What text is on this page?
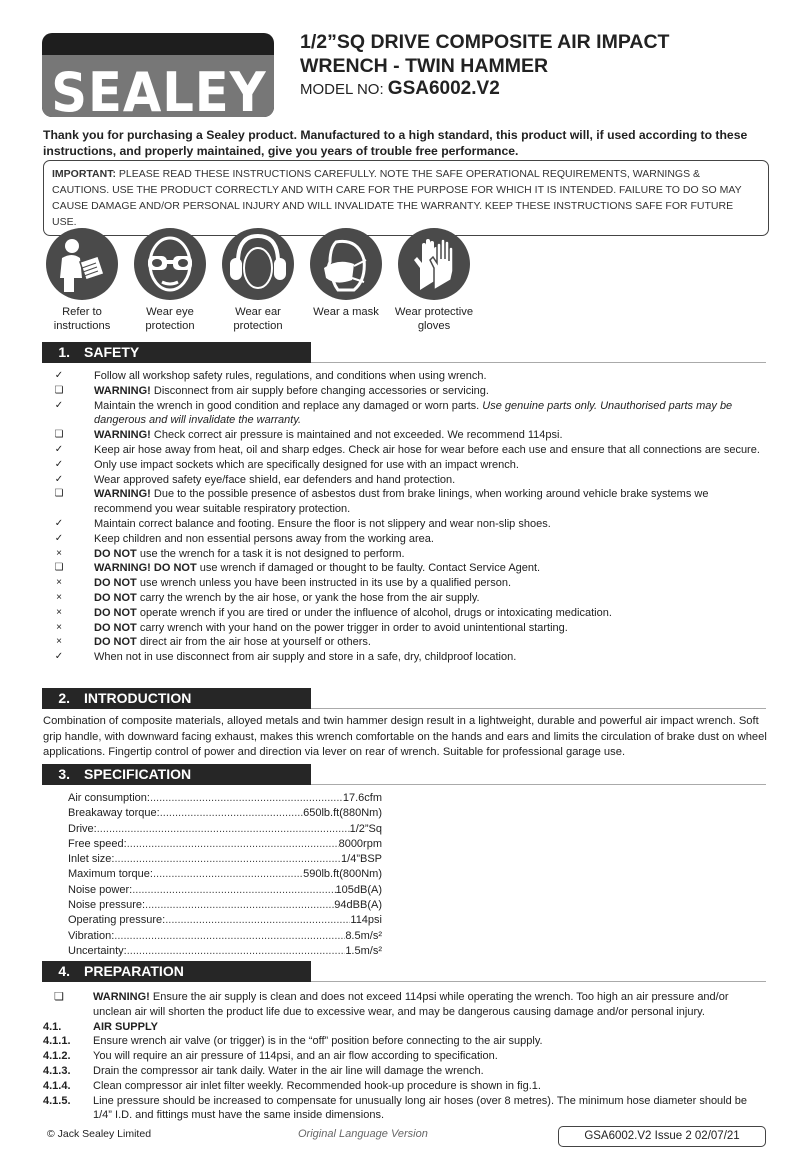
SEALEY
1/2”SQ DRIVE COMPOSITE AIR IMPACT
WRENCH - TWIN HAMMER
MODEL NO: GSA6002.V2
Thank you for purchasing a Sealey product. Manufactured to a high standard, this product will, if used according to these instructions, and properly maintained, give you years of trouble free performance.
IMPORTANT: PLEASE READ THESE INSTRUCTIONS CAREFULLY. NOTE THE SAFE OPERATIONAL REQUIREMENTS, WARNINGS & CAUTIONS. USE THE PRODUCT CORRECTLY AND WITH CARE FOR THE PURPOSE FOR WHICH IT IS INTENDED. FAILURE TO DO SO MAY CAUSE DAMAGE AND/OR PERSONAL INJURY AND WILL INVALIDATE THE WARRANTY. KEEP THESE INSTRUCTIONS SAFE FOR FUTURE USE.
Refer to
instructions
Wear eye
protection
Wear ear
protection
Wear a mask	Wear protective
gloves
1. SAFETY
✓	Follow all workshop safety rules, regulations, and conditions when using wrench.
❏	WARNING! Disconnect from air supply before changing accessories or servicing.
✓	Maintain the wrench in good condition and replace any damaged or worn parts. Use genuine parts only. Unauthorised parts may be dangerous and will invalidate the warranty.
❏	WARNING! Check correct air pressure is maintained and not exceeded. We recommend 114psi.
✓	Keep air hose away from heat, oil and sharp edges. Check air hose for wear before each use and ensure that all connections are secure.
✓	Only use impact sockets which are specifically designed for use with an impact wrench.
✓	Wear approved safety eye/face shield, ear defenders and hand protection.
❏	WARNING! Due to the possible presence of asbestos dust from brake linings, when working around vehicle brake systems we recommend you wear suitable respiratory protection.
✓	Maintain correct balance and footing. Ensure the floor is not slippery and wear non-slip shoes.
✓	Keep children and non essential persons away from the working area.
×	DO NOT use the wrench for a task it is not designed to perform.
❏	WARNING! DO NOT use wrench if damaged or thought to be faulty. Contact Service Agent.
×	DO NOT use wrench unless you have been instructed in its use by a qualified person.
×	DO NOT carry the wrench by the air hose, or yank the hose from the air supply.
×	DO NOT operate wrench if you are tired or under the influence of alcohol, drugs or intoxicating medication.
×	DO NOT carry wrench with your hand on the power trigger in order to avoid unintentional starting.
×	DO NOT direct air from the air hose at yourself or others.
✓	When not in use disconnect from air supply and store in a safe, dry, childproof location.
2. INTRODUCTION
Combination of composite materials, alloyed metals and twin hammer design result in a lightweight, durable and powerful air impact wrench. Soft grip handle, with downward facing exhaust, makes this wrench comfortable on the hands and ears and limits the circulation of brake dust on wheel applications. Fingertip control of power and direction via lever on rear of wrench. Suitable for professional garage use.
3. SPECIFICATION
Air consumption: .....	17.6cfm
Breakaway torque: .....	650lb.ft(880Nm)
Drive: .....	1/2”Sq
Free speed: .....	8000rpm
Inlet size: .....	1/4”BSP
Maximum torque: .....	590lb.ft(800Nm)
Noise power: .....	105dB(A)
Noise pressure: .....	94dBB(A)
Operating pressure: .....	114psi
Vibration: .....	8.5m/s²
Uncertainty: .....	1.5m/s²
4. PREPARATION
❏	WARNING! Ensure the air supply is clean and does not exceed 114psi while operating the wrench. Too high an air pressure and/or unclean air will shorten the product life due to excessive wear, and may be dangerous causing damage and/or personal injury.
4.1.	AIR SUPPLY
4.1.1. Ensure wrench air valve (or trigger) is in the “off” position before connecting to the air supply.
4.1.2. You will require an air pressure of 114psi, and an air flow according to specification.
4.1.3. Drain the compressor air tank daily. Water in the air line will damage the wrench.
4.1.4. Clean compressor air inlet filter weekly. Recommended hook-up procedure is shown in fig.1.
4.1.5. Line pressure should be increased to compensate for unusually long air hoses (over 8 metres). The minimum hose diameter should be 1/4” I.D. and fittings must have the same inside dimensions.
© Jack Sealey Limited	Original Language Version	GSA6002.V2 Issue 2 02/07/21
